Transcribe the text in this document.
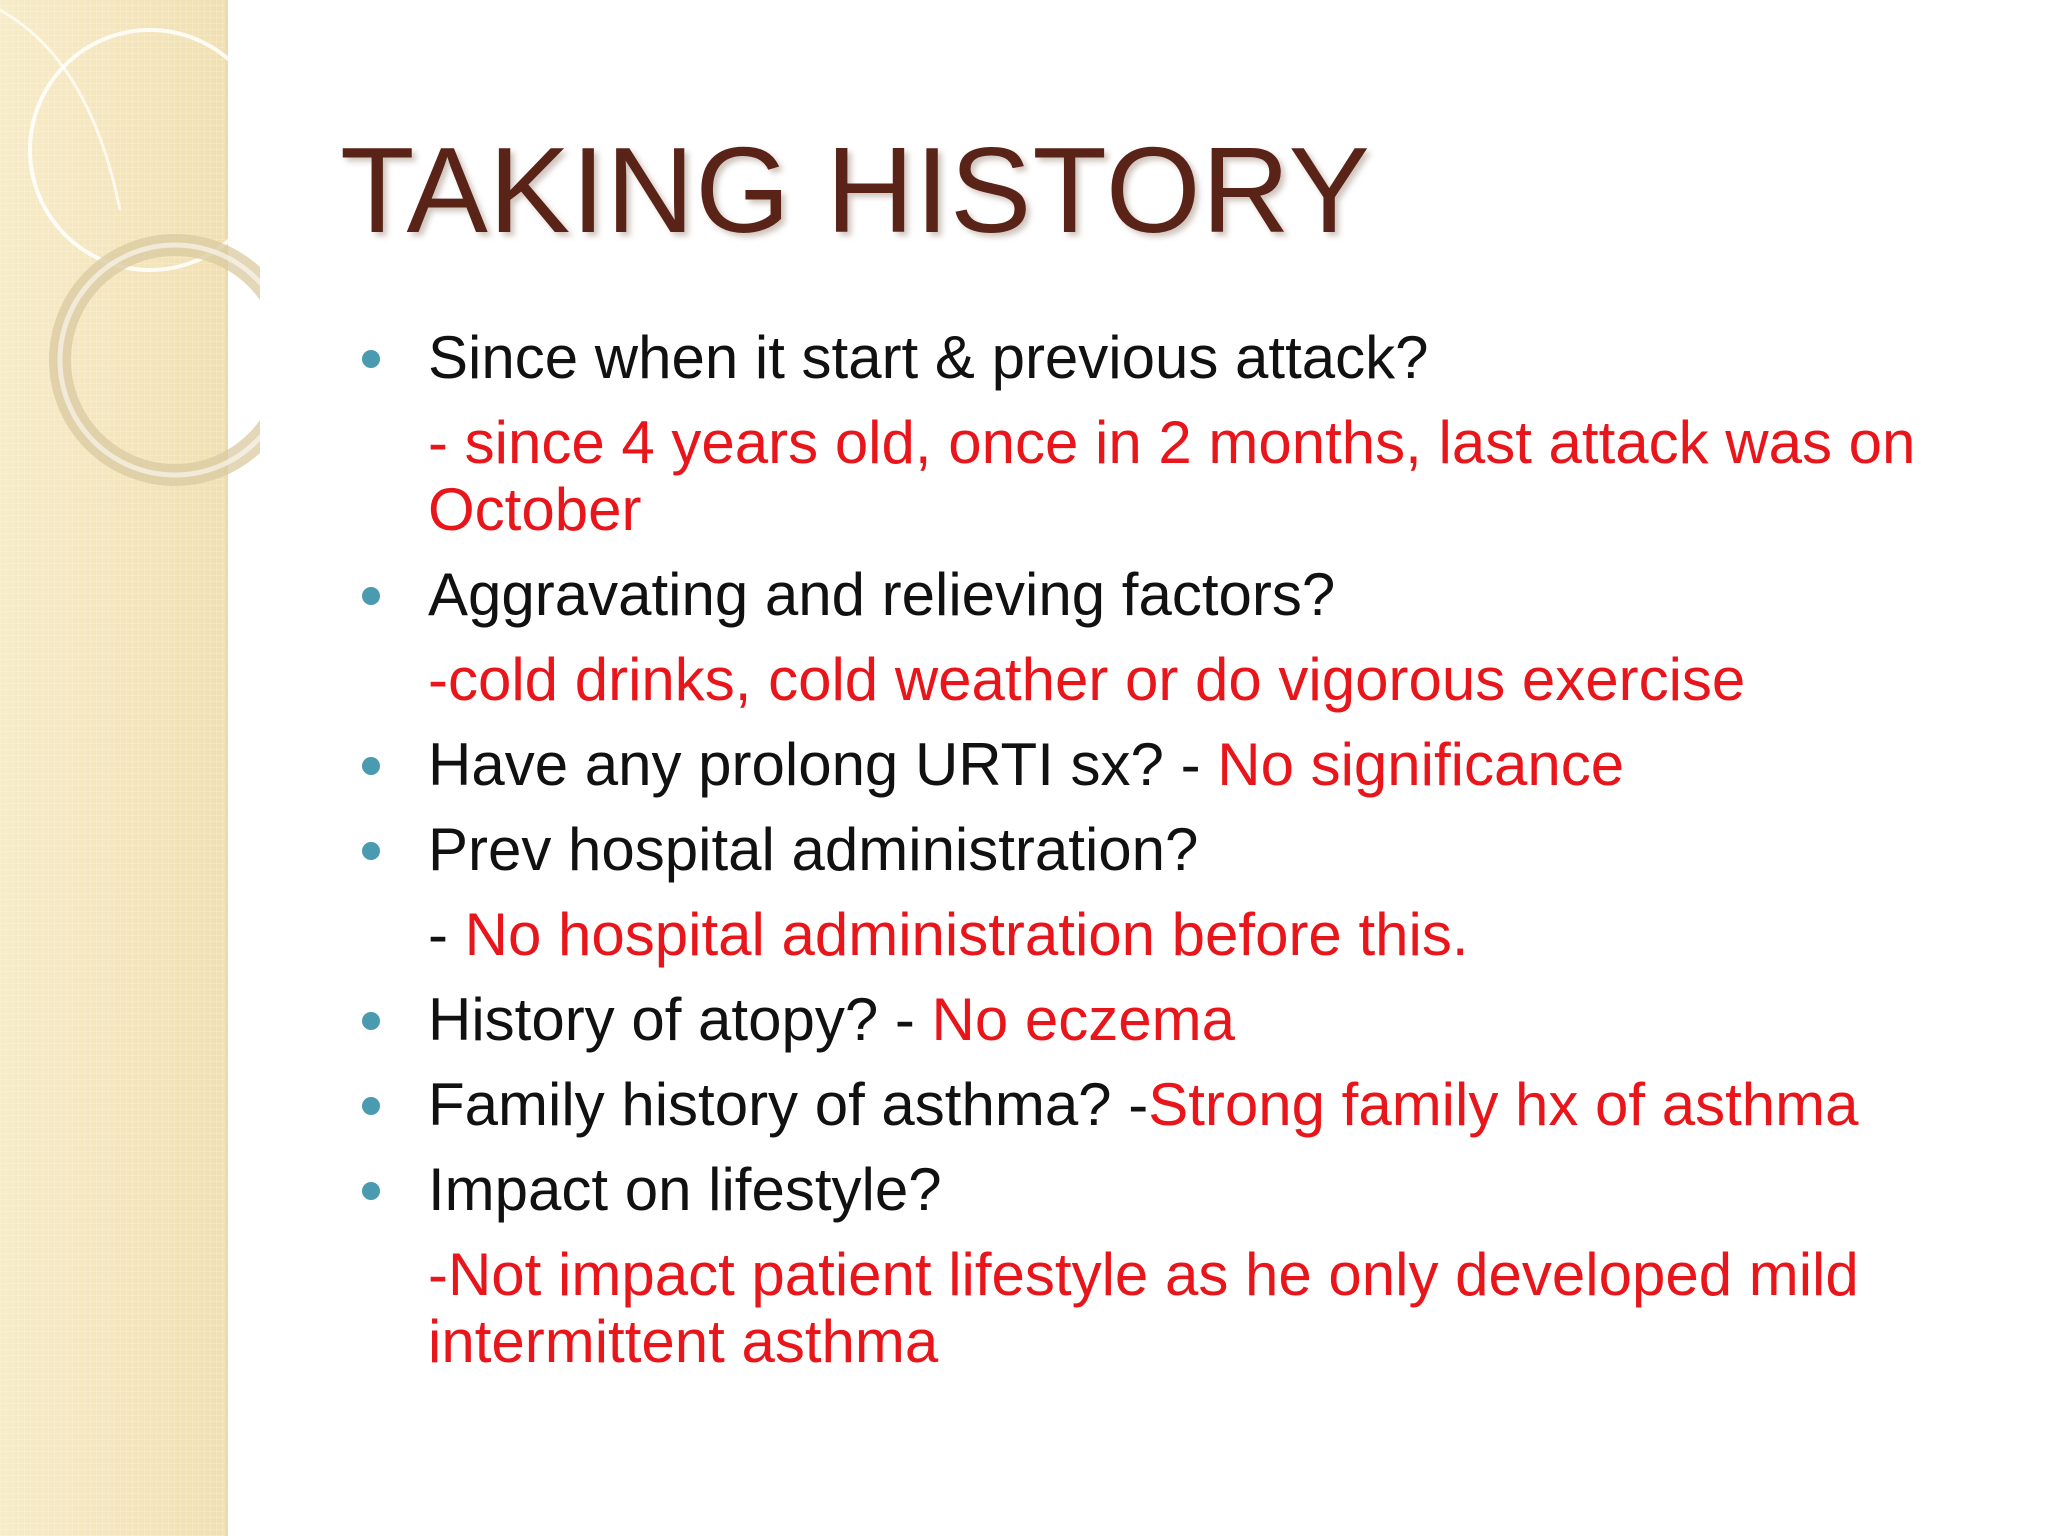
TAKING HISTORY
Since when it start & previous attack?
- since 4 years old, once in 2 months, last attack was on October
Aggravating and relieving factors?
-cold drinks, cold weather or do vigorous exercise
Have any prolong URTI sx? - No significance
Prev hospital administration?
- No hospital administration before this.
History of atopy? - No eczema
Family history of asthma? -Strong family hx of asthma
Impact on lifestyle?
-Not impact patient lifestyle as he only developed mild intermittent asthma
